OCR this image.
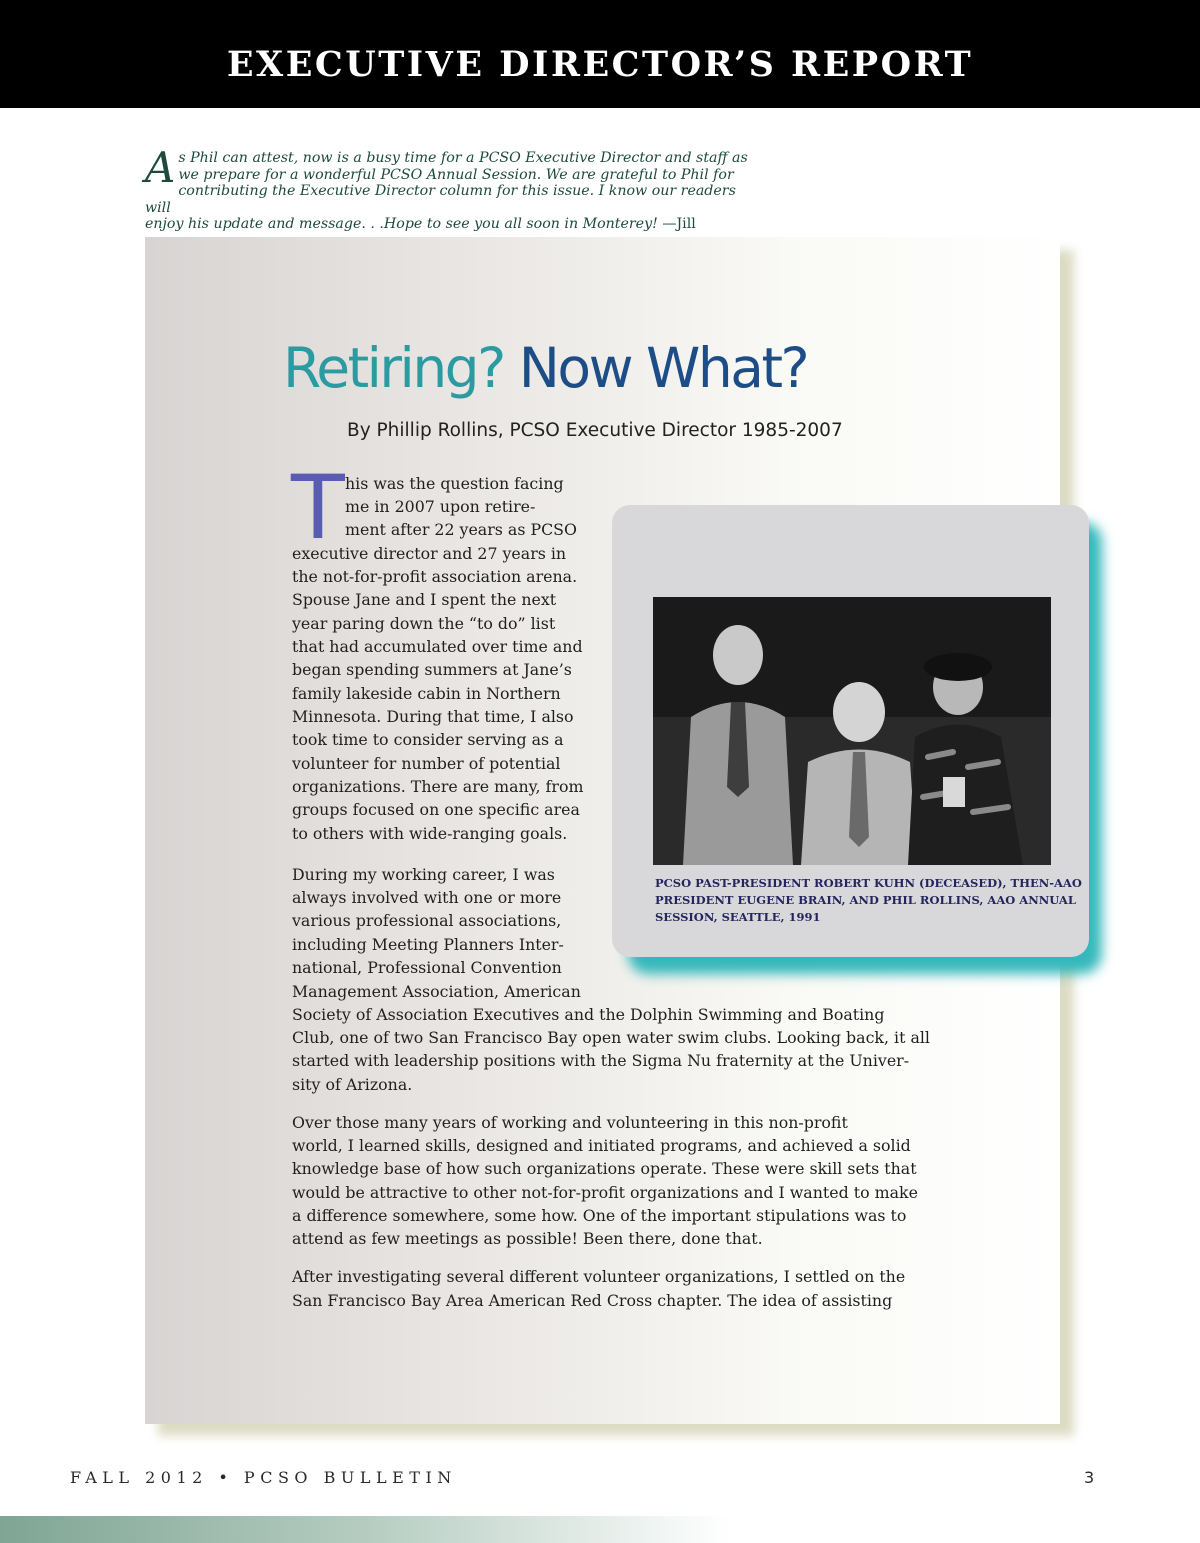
EXECUTIVE DIRECTOR’S REPORT
A s Phil can attest, now is a busy time for a PCSO Executive Director and staff as
we prepare for a wonderful PCSO Annual Session. We are grateful to Phil for
contributing the Executive Director column for this issue. I know our readers will
enjoy his update and message. . .Hope to see you all soon in Monterey! —Jill
Retiring? Now What?
By Phillip Rollins, PCSO Executive Director 1985-2007
T his was the question facing
me in 2007 upon retire-
ment after 22 years as PCSO
executive director and 27 years in
the not-for-profit association arena.
Spouse Jane and I spent the next
year paring down the “to do” list
that had accumulated over time and
began spending summers at Jane’s
family lakeside cabin in Northern
Minnesota. During that time, I also
took time to consider serving as a
volunteer for number of potential
organizations. There are many, from
groups focused on one specific area
to others with wide-ranging goals.
During my working career, I was
always involved with one or more
various professional associations,
including Meeting Planners Inter-
national, Professional Convention
Management Association, American
Society of Association Executives and the Dolphin Swimming and Boating
Club, one of two San Francisco Bay open water swim clubs. Looking back, it all
started with leadership positions with the Sigma Nu fraternity at the Univer-
sity of Arizona.
Over those many years of working and volunteering in this non-profit
world, I learned skills, designed and initiated programs, and achieved a solid
knowledge base of how such organizations operate. These were skill sets that
would be attractive to other not-for-profit organizations and I wanted to make
a difference somewhere, some how. One of the important stipulations was to
attend as few meetings as possible! Been there, done that.
After investigating several different volunteer organizations, I settled on the
San Francisco Bay Area American Red Cross chapter. The idea of assisting
PCSO PAST-PRESIDENT ROBERT KUHN (DECEASED), THEN-AAO
PRESIDENT EUGENE BRAIN, AND PHIL ROLLINS, AAO ANNUAL
SESSION, SEATTLE, 1991
FALL 2012 • PCSO BULLETIN	3
